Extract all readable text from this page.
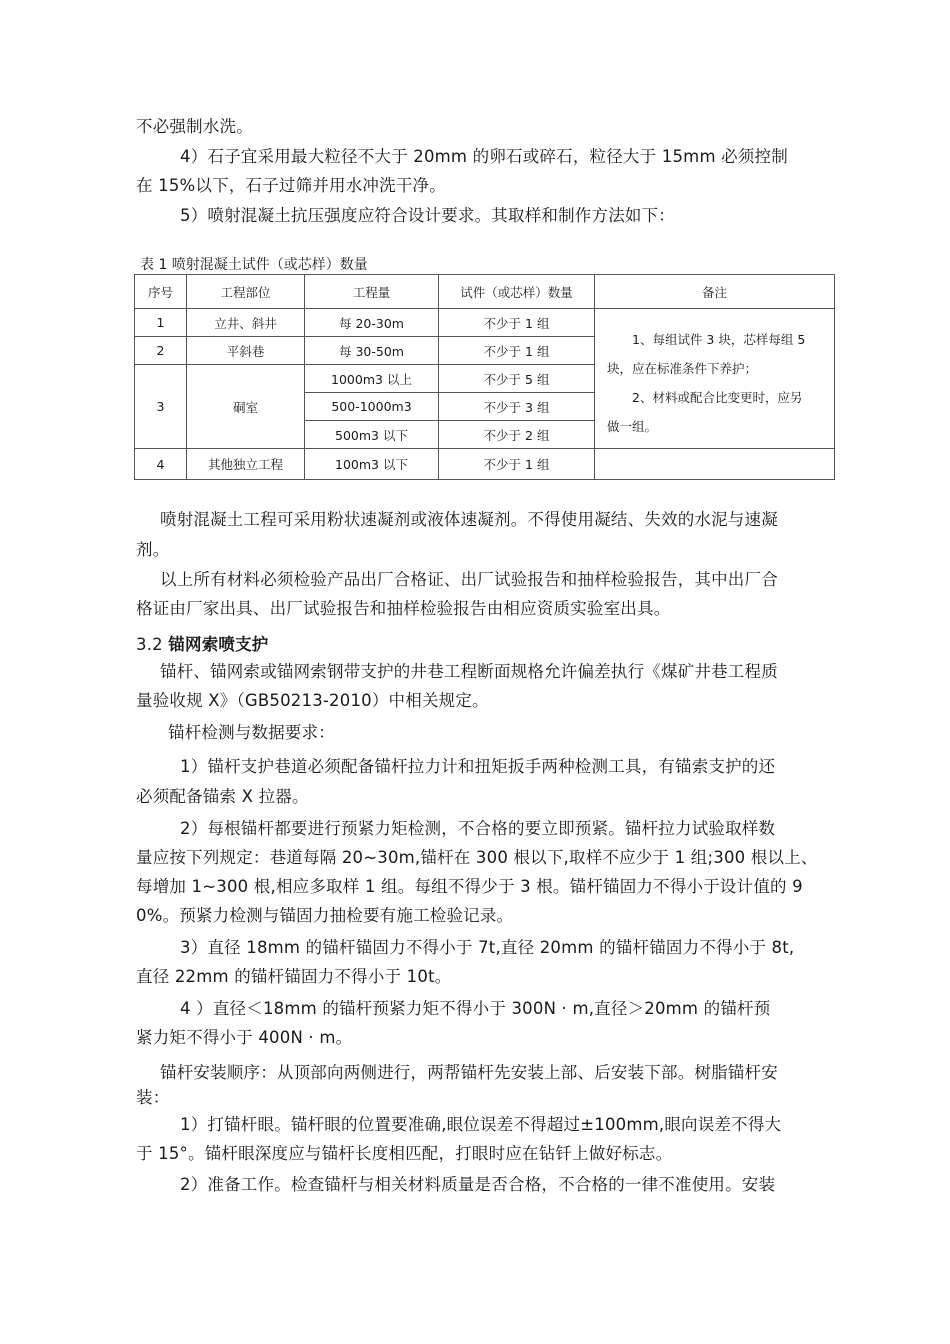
不必强制水洗。
4）石子宜采用最大粒径不大于 20mm 的卵石或碎石，粒径大于 15mm 必须控制
在 15%以下，石子过筛并用水冲洗干净。
5）喷射混凝土抗压强度应符合设计要求。其取样和制作方法如下：
表 1 喷射混凝土试件（或芯样）数量
序号	工程部位	工程量	试件（或芯样）数量	备注
1	立井、斜井	每 20-30m	不少于 1 组	1、每组试件 3 块，芯样每组 5
块，应在标准条件下养护；
2、材料或配合比变更时，应另
做一组。

2	平斜巷	每 30-50m	不少于 1 组	
3	硐室	1000m3 以上	不少于 5 组	
		500-1000m3	不少于 3 组	
		500m3 以下	不少于 2 组	
4	其他独立工程	100m3 以下	不少于 1 组	
喷射混凝土工程可采用粉状速凝剂或液体速凝剂。不得使用凝结、失效的水泥与速凝
剂。
以上所有材料必须检验产品出厂合格证、出厂试验报告和抽样检验报告，其中出厂合
格证由厂家出具、出厂试验报告和抽样检验报告由相应资质实验室出具。
3.2 锚网索喷支护
锚杆、锚网索或锚网索钢带支护的井巷工程断面规格允许偏差执行《煤矿井巷工程质
量验收规 X》（GB50213-2010）中相关规定。
锚杆检测与数据要求：
1）锚杆支护巷道必须配备锚杆拉力计和扭矩扳手两种检测工具，有锚索支护的还
必须配备锚索 X 拉器。
2）每根锚杆都要进行预紧力矩检测，不合格的要立即预紧。锚杆拉力试验取样数
量应按下列规定：巷道每隔 20~30m,锚杆在 300 根以下,取样不应少于 1 组;300 根以上、
每增加 1~300 根,相应多取样 1 组。每组不得少于 3 根。锚杆锚固力不得小于设计值的 9
0%。预紧力检测与锚固力抽检要有施工检验记录。
3）直径 18mm 的锚杆锚固力不得小于 7t,直径 20mm 的锚杆锚固力不得小于 8t,
直径 22mm 的锚杆锚固力不得小于 10t。
4 ）直径＜18mm 的锚杆预紧力矩不得小于 300N · m,直径＞20mm 的锚杆预
紧力矩不得小于 400N · m。
锚杆安装顺序：从顶部向两侧进行，两帮锚杆先安装上部、后安装下部。树脂锚杆安
装：
1）打锚杆眼。锚杆眼的位置要准确,眼位误差不得超过±100mm,眼向误差不得大
于 15°。锚杆眼深度应与锚杆长度相匹配，打眼时应在钻钎上做好标志。
2）准备工作。检查锚杆与相关材料质量是否合格，不合格的一律不准使用。安装
